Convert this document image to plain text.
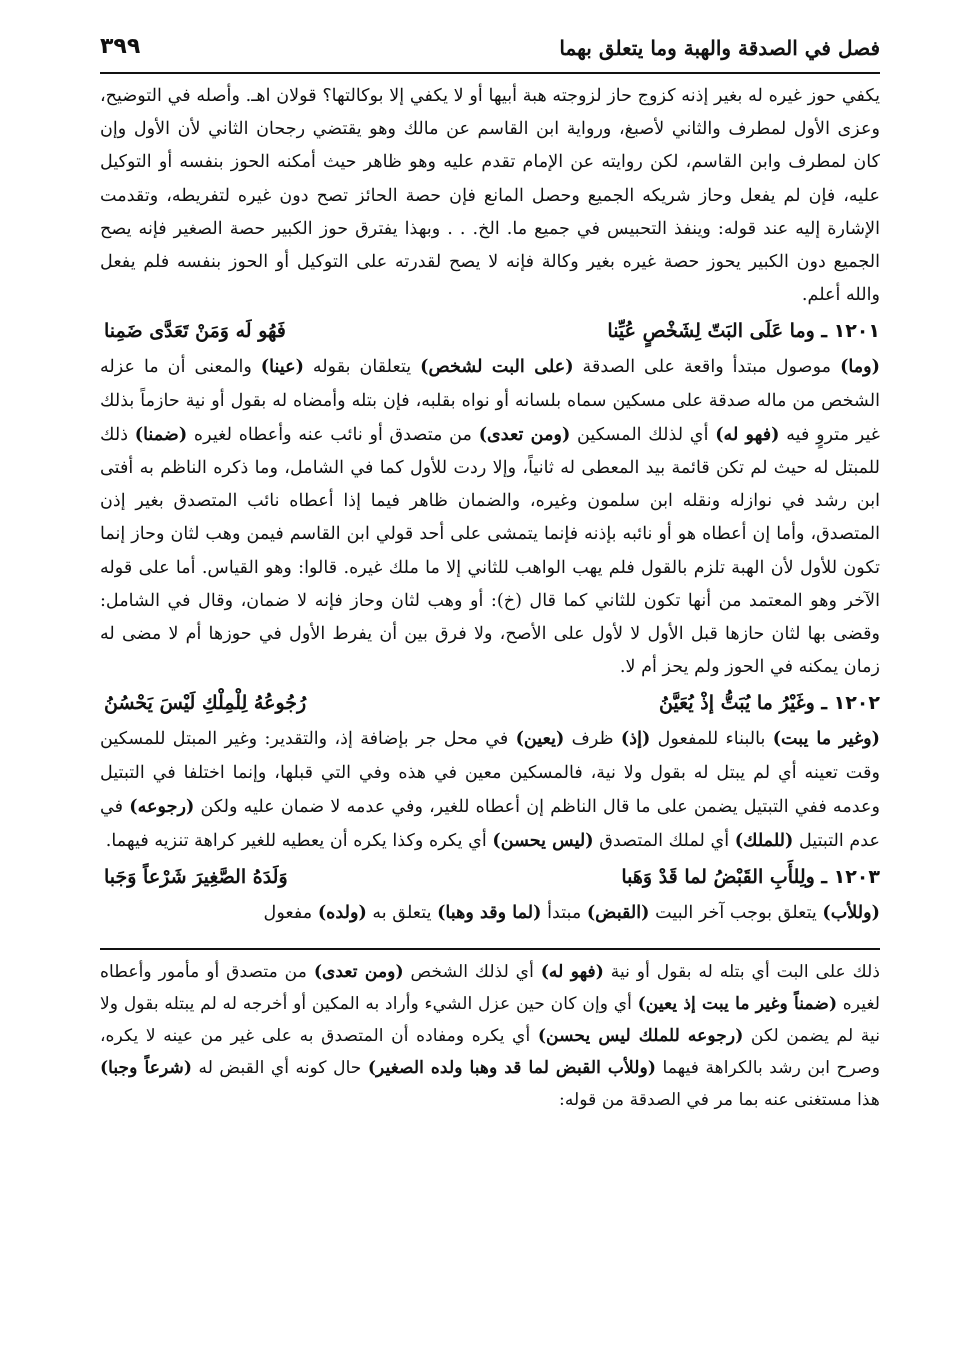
فصل في الصدقة والهبة وما يتعلق بهما
٣٩٩

يكفي حوز غيره له بغير إذنه كزوج حاز لزوجته هبة أبيها أو لا يكفي إلا بوكالتها؟ قولان اهـ. وأصله في التوضيح، وعزى الأول لمطرف والثاني لأصبغ، ورواية ابن القاسم عن مالك وهو يقتضي رجحان الثاني لأن الأول وإن كان لمطرف وابن القاسم، لكن روايته عن الإمام تقدم عليه وهو ظاهر حيث أمكنه الحوز بنفسه أو التوكيل عليه، فإن لم يفعل وحاز شريكه الجميع وحصل المانع فإن حصة الحائز تصح دون غيره لتفريطه، وتقدمت الإشارة إليه عند قوله: وينفذ التحبيس في جميع ما. الخ. . . وبهذا يفترق حوز الكبير حصة الصغير فإنه يصح الجميع دون الكبير يحوز حصة غيره بغير وكالة فإنه لا يصح لقدرته على التوكيل أو الحوز بنفسه فلم يفعل والله أعلم.

١٢٠١ ـ وما عَلَى البَتّ لِشَخْصٍ عُيِّنا
فَهُو لَه وَمَنْ تَعَدَّى ضَمِنا

(وما) موصول مبتدأ واقعة على الصدقة (على البت لشخص) يتعلقان بقوله (عينا) والمعنى أن ما عزله الشخص من ماله صدقة على مسكين سماه بلسانه أو نواه بقلبه، فإن بتله وأمضاه له بقول أو نية حازماً بذلك غير متروٍ فيه (فهو له) أي لذلك المسكين (ومن تعدى) من متصدق أو نائب عنه وأعطاه لغيره (ضمنا) ذلك للمبتل له حيث لم تكن قائمة بيد المعطى له ثانياً، وإلا ردت للأول كما في الشامل، وما ذكره الناظم به أفتى ابن رشد في نوازله ونقله ابن سلمون وغيره، والضمان ظاهر فيما إذا أعطاه نائب المتصدق بغير إذن المتصدق، وأما إن أعطاه هو أو نائبه بإذنه فإنما يتمشى على أحد قولي ابن القاسم فيمن وهب لثان وحاز إنما تكون للأول لأن الهبة تلزم بالقول فلم يهب الواهب للثاني إلا ما ملك غيره. قالوا: وهو القياس. أما على قوله الآخر وهو المعتمد من أنها تكون للثاني كما قال (خ): أو وهب لثان وحاز فإنه لا ضمان، وقال في الشامل: وقضى بها لثان حازها قبل الأول لا لأول على الأصح، ولا فرق بين أن يفرط الأول في حوزها أم لا مضى له زمان يمكنه في الحوز ولم يحز أم لا.

١٢٠٢ ـ وغَيْرُ ما يُبَتُّ إذْ يُعَيَّنُ
رُجُوعُهُ لِلْمِلْكِ لَيْسَ يَحْسُنُ

(وغير ما يبت) بالبناء للمفعول (إذ) ظرف (يعين) في محل جر بإضافة إذ، والتقدير: وغير المبتل للمسكين وقت تعينه أي لم يبتل له بقول ولا نية، فالمسكين معين في هذه وفي التي قبلها، وإنما اختلفا في التبتيل وعدمه ففي التبتيل يضمن على ما قال الناظم إن أعطاه للغير، وفي عدمه لا ضمان عليه ولكن (رجوعه) في عدم التبتيل (للملك) أي لملك المتصدق (ليس يحسن) أي يكره وكذا يكره أن يعطيه للغير كراهة تنزيه فيهما.

١٢٠٣ ـ ولِلأَبِ القَبْضُ لما قَدْ وَهَبا
وَلَدَهُ الصَّغِيرَ شَرْعاً وَجَبا

(وللأب) يتعلق بوجب آخر البيت (القبض) مبتدأ (لما وقد وهبا) يتعلق به (ولده) مفعول

ذلك على البت أي بتله له بقول أو نية (فهو له) أي لذلك الشخص (ومن تعدى) من متصدق أو مأمور وأعطاه لغيره (ضمناً وغير ما يبت إذ يعين) أي وإن كان حين عزل الشيء وأراد به المكين أو أخرجه له لم يبتله بقول ولا نية لم يضمن لكن (رجوعه للملك ليس يحسن) أي يكره ومفاده أن المتصدق به على غير من عينه لا يكره، وصرح ابن رشد بالكراهة فيهما (وللأب القبض لما قد وهبا ولده الصغير) حال كونه أي القبض له (شرعاً وجبا) هذا مستغنى عنه بما مر في الصدقة من قوله:
